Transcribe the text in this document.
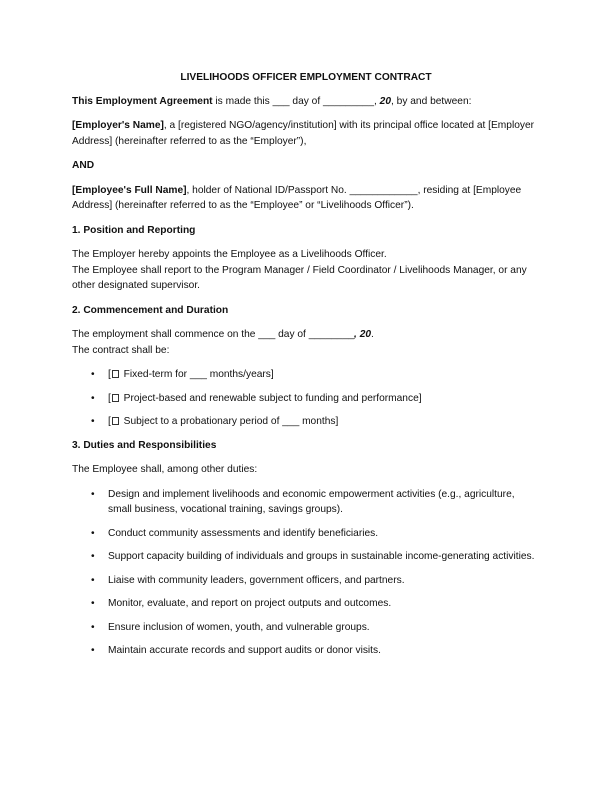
LIVELIHOODS OFFICER EMPLOYMENT CONTRACT

This Employment Agreement is made this ___ day of _________, 20, by and between:

[Employer's Name], a [registered NGO/agency/institution] with its principal office located at [Employer Address] (hereinafter referred to as the “Employer”),

AND

[Employee's Full Name], holder of National ID/Passport No. ____________, residing at [Employee Address] (hereinafter referred to as the “Employee” or “Livelihoods Officer”).

1. Position and Reporting

The Employer hereby appoints the Employee as a Livelihoods Officer.
The Employee shall report to the Program Manager / Field Coordinator / Livelihoods Manager, or any other designated supervisor.

2. Commencement and Duration

The employment shall commence on the ___ day of ________, 20.
The contract shall be:

• [ Fixed-term for ___ months/years]
• [ Project-based and renewable subject to funding and performance]
• [ Subject to a probationary period of ___ months]
3. Duties and Responsibilities

The Employee shall, among other duties:

• Design and implement livelihoods and economic empowerment activities (e.g., agriculture, small business, vocational training, savings groups).
• Conduct community assessments and identify beneficiaries.
• Support capacity building of individuals and groups in sustainable income-generating activities.
• Liaise with community leaders, government officers, and partners.
• Monitor, evaluate, and report on project outputs and outcomes.
• Ensure inclusion of women, youth, and vulnerable groups.
• Maintain accurate records and support audits or donor visits.
